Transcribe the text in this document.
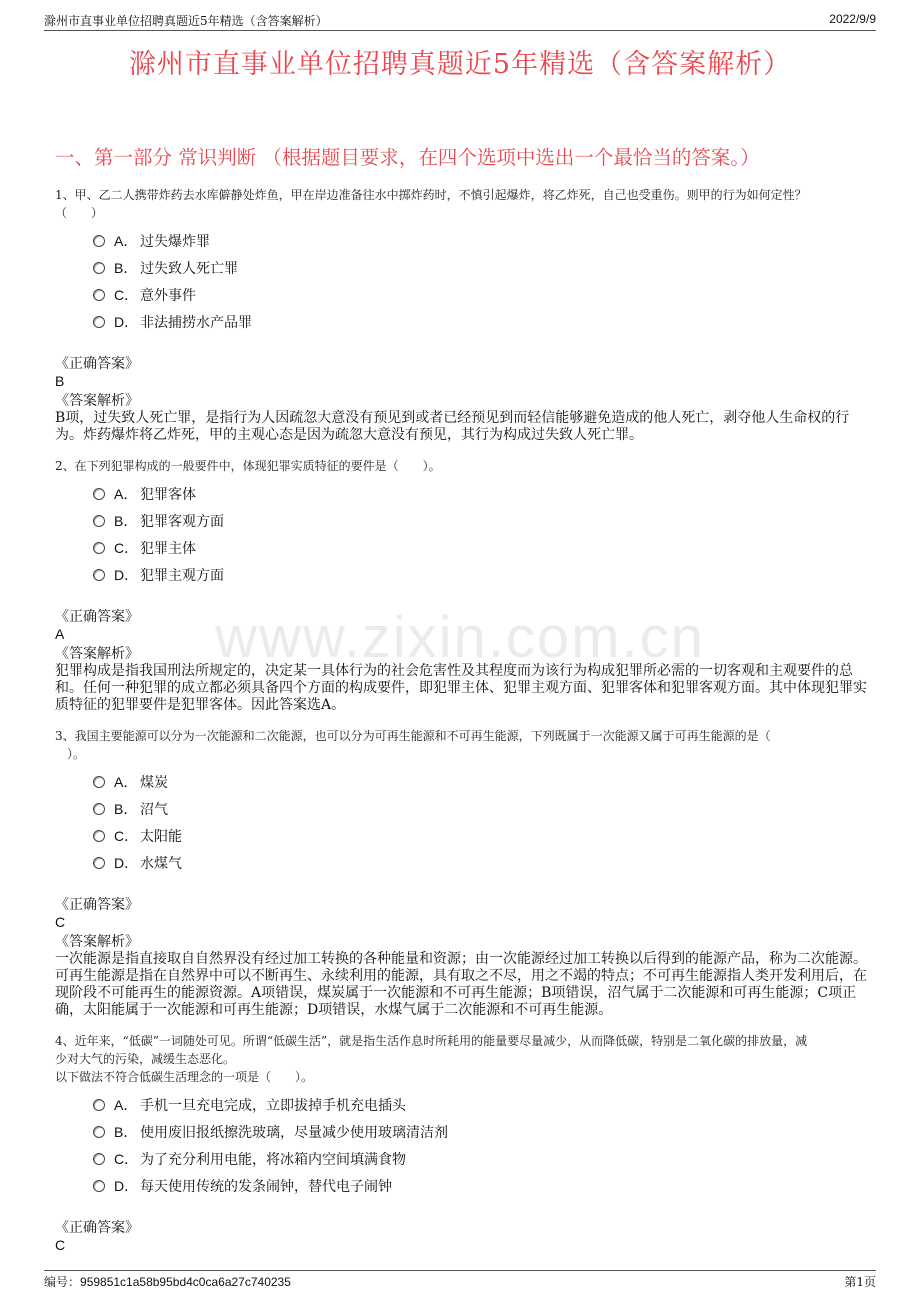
滁州市直事业单位招聘真题近5年精选（含答案解析）	2022/9/9
滁州市直事业单位招聘真题近5年精选（含答案解析）
一、第一部分 常识判断 （根据题目要求，在四个选项中选出一个最恰当的答案。）
www.zixin.com.cn
1、甲、乙二人携带炸药去水库僻静处炸鱼，甲在岸边准备往水中掷炸药时，不慎引起爆炸，将乙炸死，自己也受重伤。则甲的行为如何定性？
（　　）
A． 过失爆炸罪
B． 过失致人死亡罪
C． 意外事件
D． 非法捕捞水产品罪
《正确答案》
B
《答案解析》
B项，过失致人死亡罪，是指行为人因疏忽大意没有预见到或者已经预见到而轻信能够避免造成的他人死亡，剥夺他人生命权的行为。炸药爆炸将乙炸死，甲的主观心态是因为疏忽大意没有预见，其行为构成过失致人死亡罪。
2、在下列犯罪构成的一般要件中，体现犯罪实质特征的要件是（　　）。
A． 犯罪客体
B． 犯罪客观方面
C． 犯罪主体
D． 犯罪主观方面
《正确答案》
A
《答案解析》
犯罪构成是指我国刑法所规定的，决定某一具体行为的社会危害性及其程度而为该行为构成犯罪所必需的一切客观和主观要件的总和。任何一种犯罪的成立都必须具备四个方面的构成要件，即犯罪主体、犯罪主观方面、犯罪客体和犯罪客观方面。其中体现犯罪实质特征的犯罪要件是犯罪客体。因此答案选A。
3、我国主要能源可以分为一次能源和二次能源，也可以分为可再生能源和不可再生能源，下列既属于一次能源又属于可再生能源的是（
　）。
A． 煤炭
B． 沼气
C． 太阳能
D． 水煤气
《正确答案》
C
《答案解析》
一次能源是指直接取自自然界没有经过加工转换的各种能量和资源；由一次能源经过加工转换以后得到的能源产品，称为二次能源。可再生能源是指在自然界中可以不断再生、永续利用的能源，具有取之不尽，用之不竭的特点；不可再生能源指人类开发利用后，在现阶段不可能再生的能源资源。A项错误，煤炭属于一次能源和不可再生能源；B项错误，沼气属于二次能源和可再生能源；C项正确，太阳能属于一次能源和可再生能源；D项错误，水煤气属于二次能源和不可再生能源。
4、近年来，“低碳”一词随处可见。所谓“低碳生活”，就是指生活作息时所耗用的能量要尽量减少，从而降低碳，特别是二氧化碳的排放量，减
少对大气的污染，减缓生态恶化。
以下做法不符合低碳生活理念的一项是（　　）。
A． 手机一旦充电完成，立即拔掉手机充电插头
B． 使用废旧报纸擦洗玻璃，尽量减少使用玻璃清洁剂
C． 为了充分利用电能，将冰箱内空间填满食物
D． 每天使用传统的发条闹钟，替代电子闹钟
《正确答案》
C
编号：959851c1a58b95bd4c0ca6a27c740235	第1页
